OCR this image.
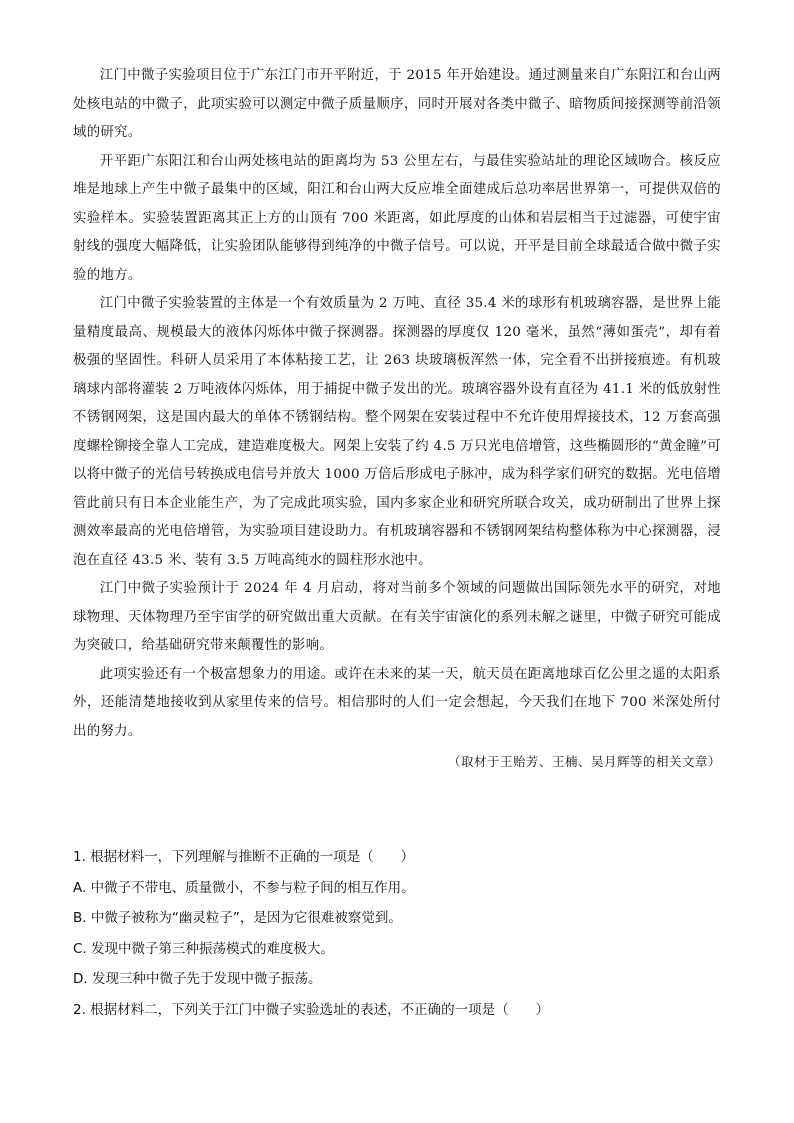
江门中微子实验项目位于广东江门市开平附近，于 2015 年开始建设。通过测量来自广东阳江和台山两处核电站的中微子，此项实验可以测定中微子质量顺序，同时开展对各类中微子、暗物质间接探测等前沿领域的研究。

开平距广东阳江和台山两处核电站的距离均为 53 公里左右，与最佳实验站址的理论区域吻合。核反应堆是地球上产生中微子最集中的区域，阳江和台山两大反应堆全面建成后总功率居世界第一，可提供双倍的实验样本。实验装置距离其正上方的山顶有 700 米距离，如此厚度的山体和岩层相当于过滤器，可使宇宙射线的强度大幅降低，让实验团队能够得到纯净的中微子信号。可以说，开平是目前全球最适合做中微子实验的地方。

江门中微子实验装置的主体是一个有效质量为 2 万吨、直径 35.4 米的球形有机玻璃容器，是世界上能量精度最高、规模最大的液体闪烁体中微子探测器。探测器的厚度仅 120 毫米，虽然“薄如蛋壳”，却有着极强的坚固性。科研人员采用了本体粘接工艺，让 263 块玻璃板浑然一体，完全看不出拼接痕迹。有机玻璃球内部将灌装 2 万吨液体闪烁体，用于捕捉中微子发出的光。玻璃容器外设有直径为 41.1 米的低放射性不锈钢网架，这是国内最大的单体不锈钢结构。整个网架在安装过程中不允许使用焊接技术，12 万套高强度螺栓铆接全靠人工完成，建造难度极大。网架上安装了约 4.5 万只光电倍增管，这些椭圆形的“黄金瞳”可以将中微子的光信号转换成电信号并放大 1000 万倍后形成电子脉冲，成为科学家们研究的数据。光电倍增管此前只有日本企业能生产，为了完成此项实验，国内多家企业和研究所联合攻关，成功研制出了世界上探测效率最高的光电倍增管，为实验项目建设助力。有机玻璃容器和不锈钢网架结构整体称为中心探测器，浸泡在直径 43.5 米、装有 3.5 万吨高纯水的圆柱形水池中。

江门中微子实验预计于 2024 年 4 月启动，将对当前多个领域的问题做出国际领先水平的研究，对地球物理、天体物理乃至宇宙学的研究做出重大贡献。在有关宇宙演化的系列未解之谜里，中微子研究可能成为突破口，给基础研究带来颠覆性的影响。

此项实验还有一个极富想象力的用途。或许在未来的某一天，航天员在距离地球百亿公里之遥的太阳系外，还能清楚地接收到从家里传来的信号。相信那时的人们一定会想起，今天我们在地下 700 米深处所付出的努力。

（取材于王贻芳、王楠、吴月辉等的相关文章）

1. 根据材料一，下列理解与推断不正确的一项是（　　）

A. 中微子不带电、质量微小，不参与粒子间的相互作用。

B. 中微子被称为“幽灵粒子”，是因为它很难被察觉到。

C. 发现中微子第三种振荡模式的难度极大。

D. 发现三种中微子先于发现中微子振荡。

2. 根据材料二，下列关于江门中微子实验选址的表述，不正确的一项是（　　）
